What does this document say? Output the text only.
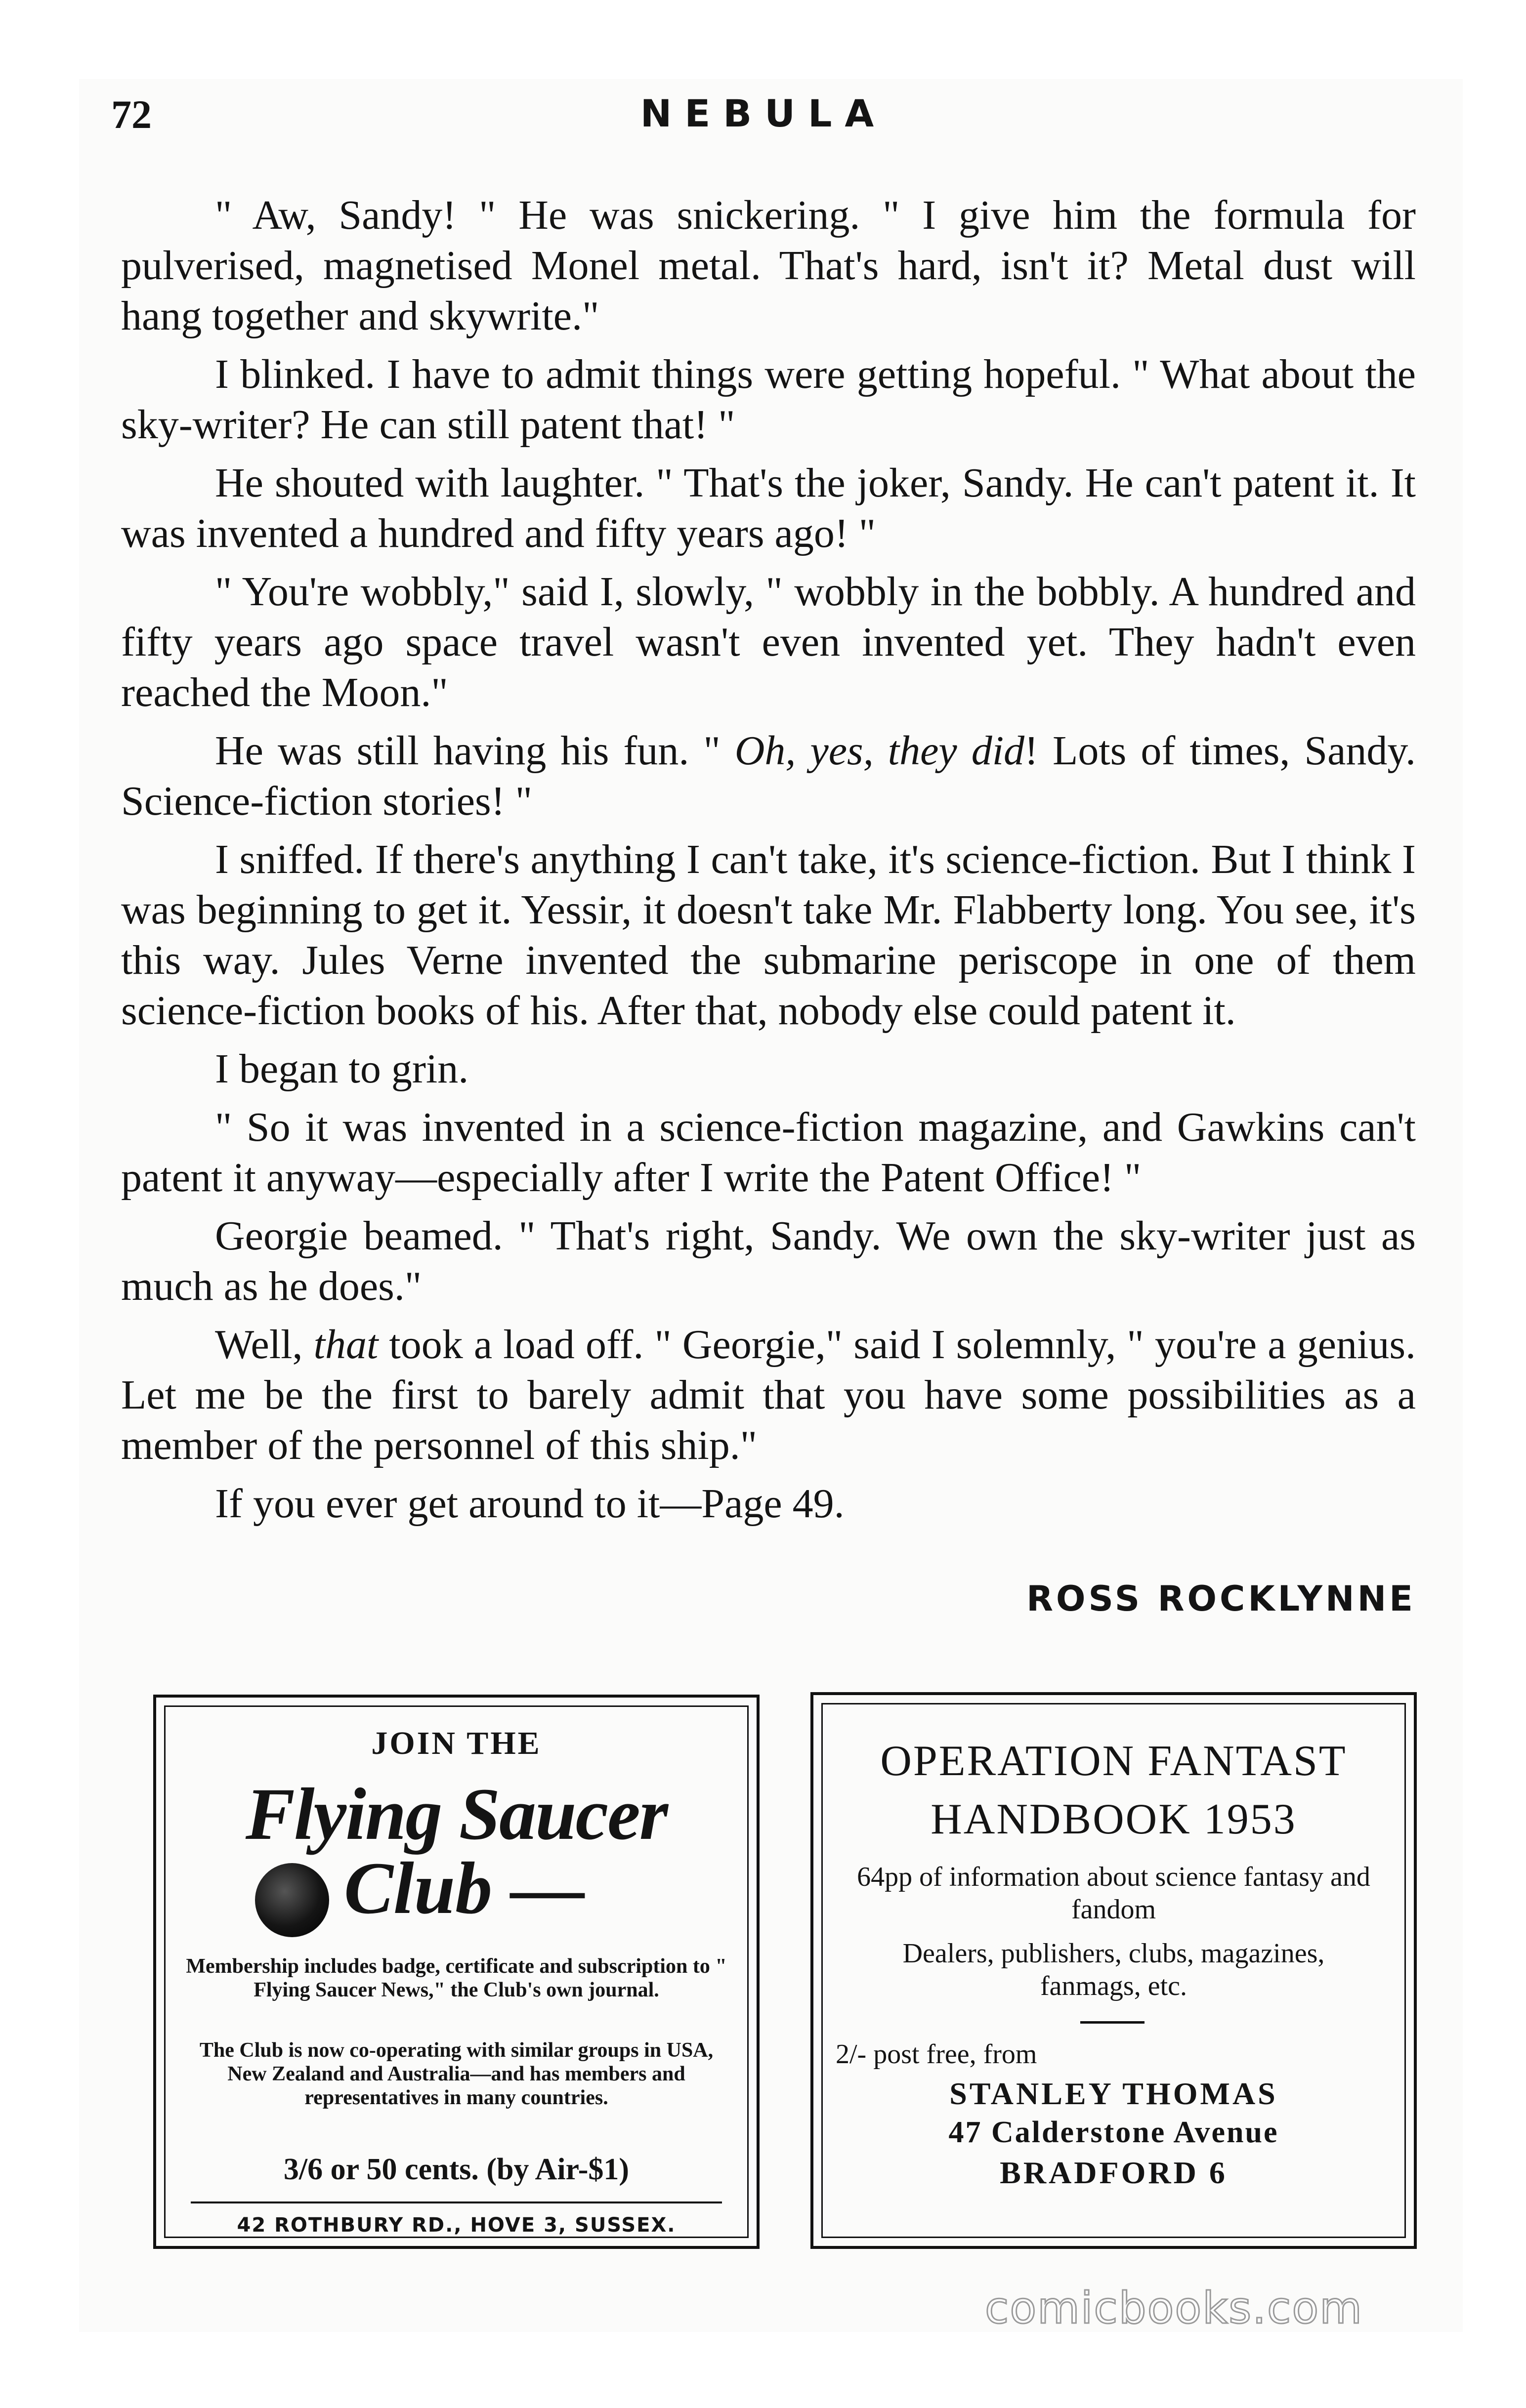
72	NEBULA

" Aw, Sandy! " He was snickering. " I give him the formula for pulverised, magnetised Monel metal. That's hard, isn't it? Metal dust will hang together and skywrite."

I blinked. I have to admit things were getting hopeful. " What about the sky-writer? He can still patent that! "

He shouted with laughter. " That's the joker, Sandy. He can't patent it. It was invented a hundred and fifty years ago! "

" You're wobbly," said I, slowly, " wobbly in the bobbly. A hundred and fifty years ago space travel wasn't even invented yet. They hadn't even reached the Moon."

He was still having his fun. " Oh, yes, they did! Lots of times, Sandy. Science-fiction stories! "

I sniffed. If there's anything I can't take, it's science-fiction. But I think I was beginning to get it. Yessir, it doesn't take Mr. Flabberty long. You see, it's this way. Jules Verne invented the submarine periscope in one of them science-fiction books of his. After that, nobody else could patent it.

I began to grin.

" So it was invented in a science-fiction magazine, and Gawkins can't patent it anyway—especially after I write the Patent Office! "

Georgie beamed. " That's right, Sandy. We own the sky-writer just as much as he does."

Well, that took a load off. " Georgie," said I solemnly, " you're a genius. Let me be the first to barely admit that you have some possibilities as a member of the personnel of this ship."

If you ever get around to it—Page 49.

ROSS ROCKLYNNE
JOIN THE
Flying Saucer
Club —
Membership includes badge, certificate and subscription to " Flying Saucer News," the Club's own journal.
The Club is now co-operating with similar groups in USA, New Zealand and Australia—and has members and representatives in many countries.
3/6 or 50 cents. (by Air-$1)
42 ROTHBURY RD., HOVE 3, SUSSEX.
OPERATION FANTAST
HANDBOOK 1953
64pp of information about science fantasy and fandom
Dealers, publishers, clubs, magazines, fanmags, etc.
2/- post free, from
STANLEY THOMAS
47 Calderstone Avenue
BRADFORD 6
comicbooks.com
